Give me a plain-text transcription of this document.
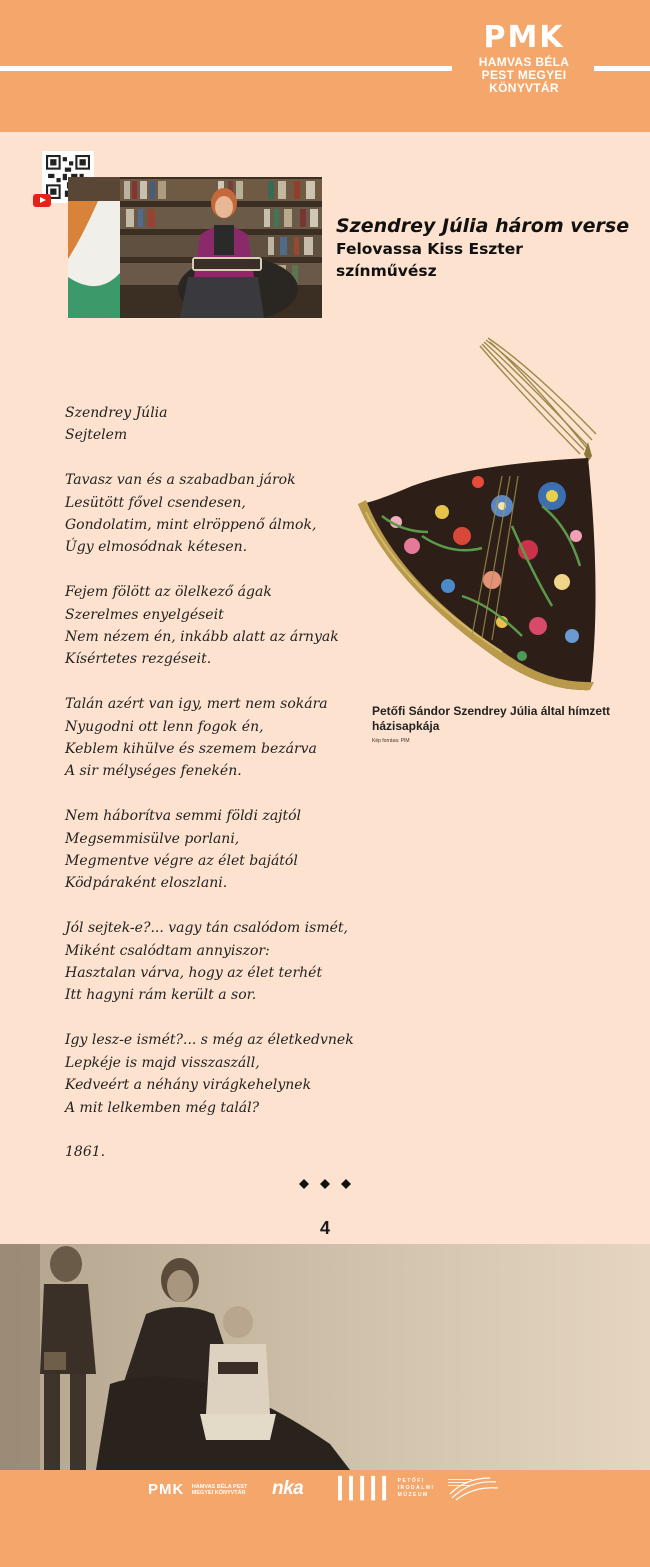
PMK
HAMVAS BÉLA
PEST MEGYEI
KÖNYVTÁR
Szendrey Júlia három verse
Felovassa Kiss Eszter
színművész
Szendrey Júlia
Sejtelem
Tavasz van és a szabadban járok
Lesütött fővel csendesen,
Gondolatim, mint elröppenő álmok,
Úgy elmosódnak kétesen.
Fejem fölött az ölelkező ágak
Szerelmes enyelgéseit
Nem nézem én, inkább alatt az árnyak
Kísértetes rezgéseit.
Talán azért van igy, mert nem sokára
Nyugodni ott lenn fogok én,
Keblem kihülve és szemem bezárva
A sir mélységes fenekén.
Nem háborítva semmi földi zajtól
Megsemmisülve porlani,
Megmentve végre az élet bajától
Ködpáraként eloszlani.
Jól sejtek-e?... vagy tán csalódom ismét,
Miként csalódtam annyiszor:
Hasztalan várva, hogy az élet terhét
Itt hagyni rám került a sor.
Igy lesz-e ismét?... s még az életkedvnek
Lepkéje is majd visszaszáll,
Kedveért a néhány virágkehelynek
A mit lelkemben még talál?
1861.
Petőfi Sándor Szendrey Júlia által hímzett
házisapkája
Kép forrása: PIM
4
PMK HAMVAS BÉLA PEST
MEGYEI KÖNYVTÁR nka ┃┃┃┃┃ PETŐFI
IRODALMI
MÚZEUM
